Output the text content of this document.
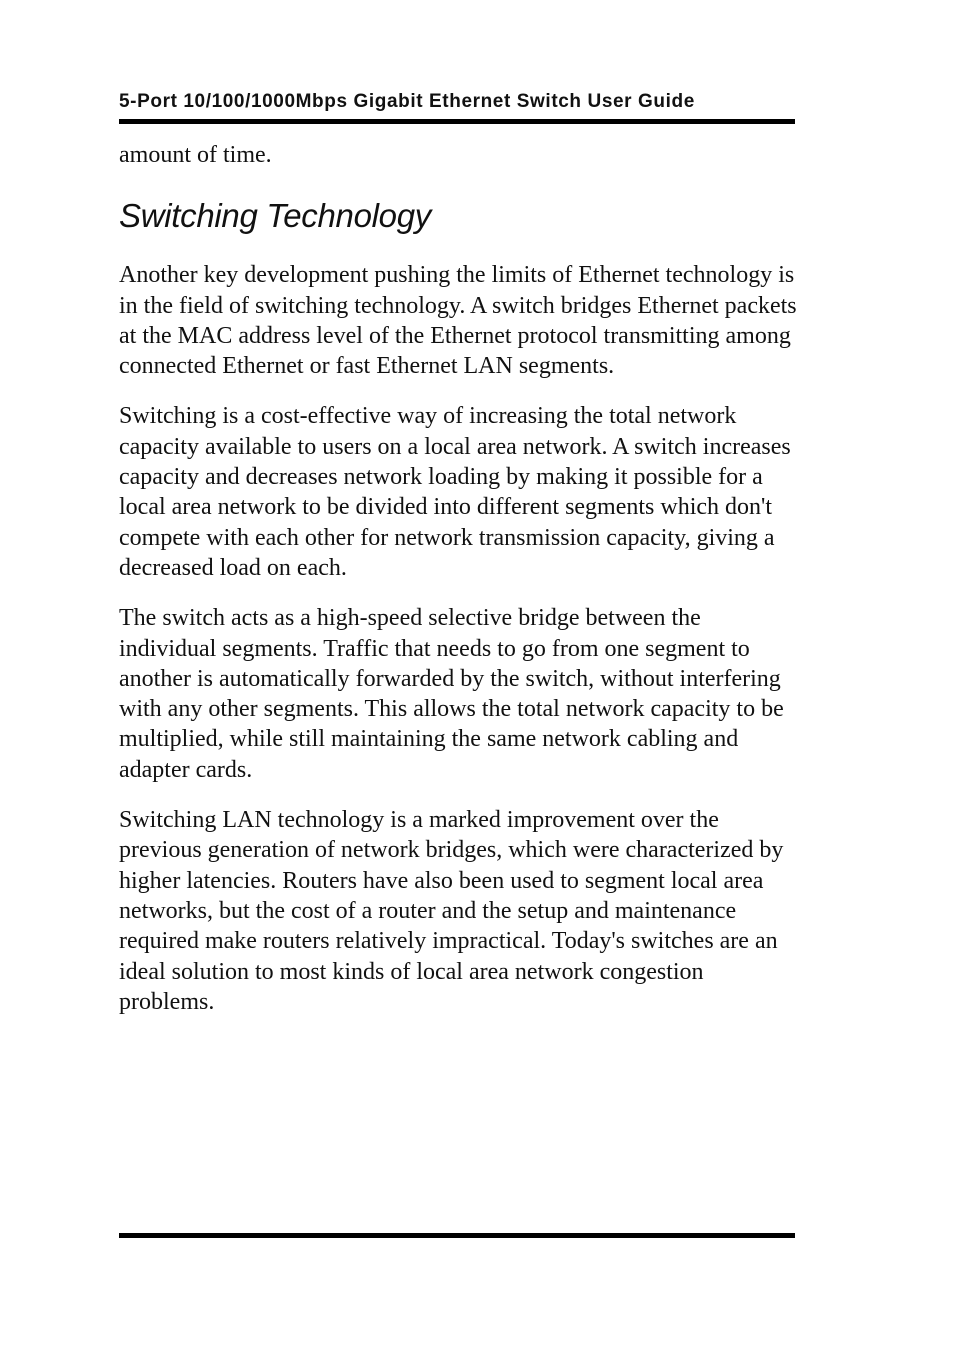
5-Port 10/100/1000Mbps Gigabit Ethernet Switch User Guide

amount of time.

Switching Technology

Another key development pushing the limits of Ethernet technology is in the field of switching technology. A switch bridges Ethernet packets at the MAC address level of the Ethernet protocol transmitting among connected Ethernet or fast Ethernet LAN segments.

Switching is a cost-effective way of increasing the total network capacity available to users on a local area network. A switch increases capacity and decreases network loading by making it possible for a local area network to be divided into different segments which don't compete with each other for network transmission capacity, giving a decreased load on each.

The switch acts as a high-speed selective bridge between the individual segments. Traffic that needs to go from one segment to another is automatically forwarded by the switch, without interfering with any other segments. This allows the total network capacity to be multiplied, while still maintaining the same network cabling and adapter cards.

Switching LAN technology is a marked improvement over the previous generation of network bridges, which were characterized by higher latencies. Routers have also been used to segment local area networks, but the cost of a router and the setup and maintenance required make routers relatively impractical. Today's switches are an ideal solution to most kinds of local area network congestion problems.
